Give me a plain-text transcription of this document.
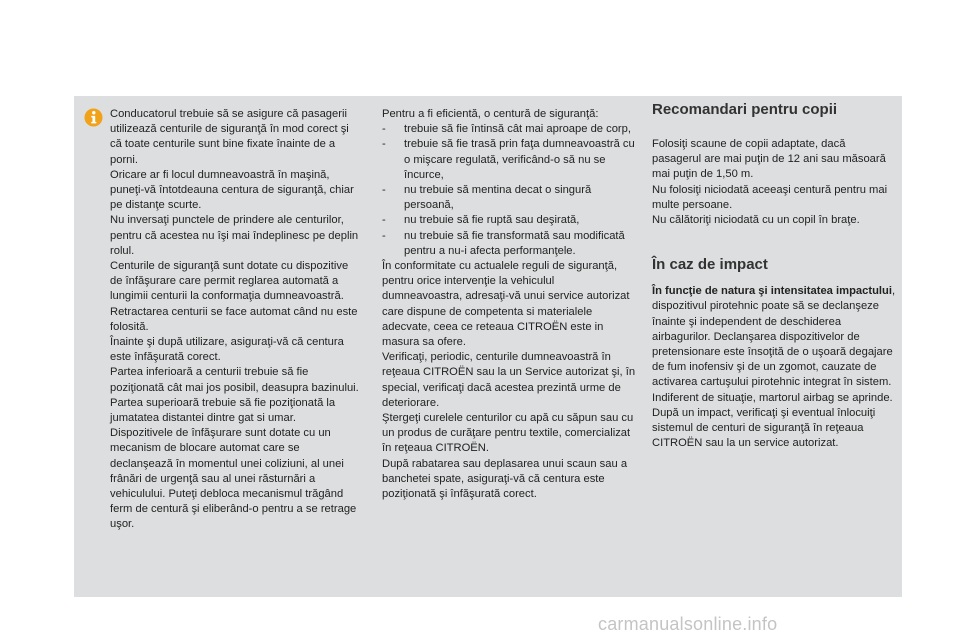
Conducatorul trebuie să se asigure că pasagerii utilizează centurile de siguranţă în mod corect şi că toate centurile sunt bine fixate înainte de a porni.

Oricare ar fi locul dumneavoastră în maşină, puneţi-vă întotdeauna centura de siguranţă, chiar pe distanţe scurte.

Nu inversaţi punctele de prindere ale centurilor, pentru că acestea nu îşi mai îndeplinesc pe deplin rolul.

Centurile de siguranţă sunt dotate cu dispozitive de înfăşurare care permit reglarea automată a lungimii centurii la conformaţia dumneavoastră. Retractarea centurii se face automat când nu este folosită.

Înainte şi după utilizare, asiguraţi-vă că centura este înfăşurată corect.

Partea inferioară a centurii trebuie să fie poziţionată cât mai jos posibil, deasupra bazinului.

Partea superioară trebuie să fie poziţionată la jumatatea distantei dintre gat si umar.

Dispozitivele de înfăşurare sunt dotate cu un mecanism de blocare automat care se declanşează în momentul unei coliziuni, al unei frânări de urgenţă sau al unei răsturnări a vehiculului. Puteţi debloca mecanismul trăgând ferm de centură şi eliberând-o pentru a se retrage uşor.

Pentru a fi eficientă, o centură de siguranţă:

- trebuie să fie întinsă cât mai aproape de corp,
- trebuie să fie trasă prin faţa dumneavoastră cu o mişcare regulată, verificând-o să nu se încurce,
- nu trebuie să mentina decat o singură persoană,
- nu trebuie să fie ruptă sau deşirată,
- nu trebuie să fie transformată sau modificată pentru a nu-i afecta performanţele.

În conformitate cu actualele reguli de siguranţă, pentru orice intervenţie la vehiculul dumneavoastra, adresaţi-vă unui service autorizat care dispune de competenta si materialele adecvate, ceea ce reteaua CITROËN este in masura sa ofere.

Verificaţi, periodic, centurile dumneavoastră în reţeaua CITROËN sau la un Service autorizat şi, în special, verificaţi dacă acestea prezintă urme de deteriorare.

Ştergeţi curelele centurilor cu apă cu săpun sau cu un produs de curăţare pentru textile, comercializat în reţeaua CITROËN.

După rabatarea sau deplasarea unui scaun sau a banchetei spate, asiguraţi-vă că centura este poziţionată şi înfăşurată corect.

Recomandari pentru copii

Folosiţi scaune de copii adaptate, dacă pasagerul are mai puţin de 12 ani sau măsoară mai puţin de 1,50 m.

Nu folosiţi niciodată aceeaşi centură pentru mai multe persoane.

Nu călătoriţi niciodată cu un copil în braţe.

În caz de impact

În funcţie de natura şi intensitatea impactului, dispozitivul pirotehnic poate să se declanşeze înainte şi independent de deschiderea airbagurilor. Declanşarea dispozitivelor de pretensionare este însoţită de o uşoară degajare de fum inofensiv şi de un zgomot, cauzate de activarea cartuşului pirotehnic integrat în sistem.

Indiferent de situaţie, martorul airbag se aprinde.

După un impact, verificaţi şi eventual înlocuiţi sistemul de centuri de siguranţă în reţeaua CITROËN sau la un service autorizat.

carmanualsonline.info
